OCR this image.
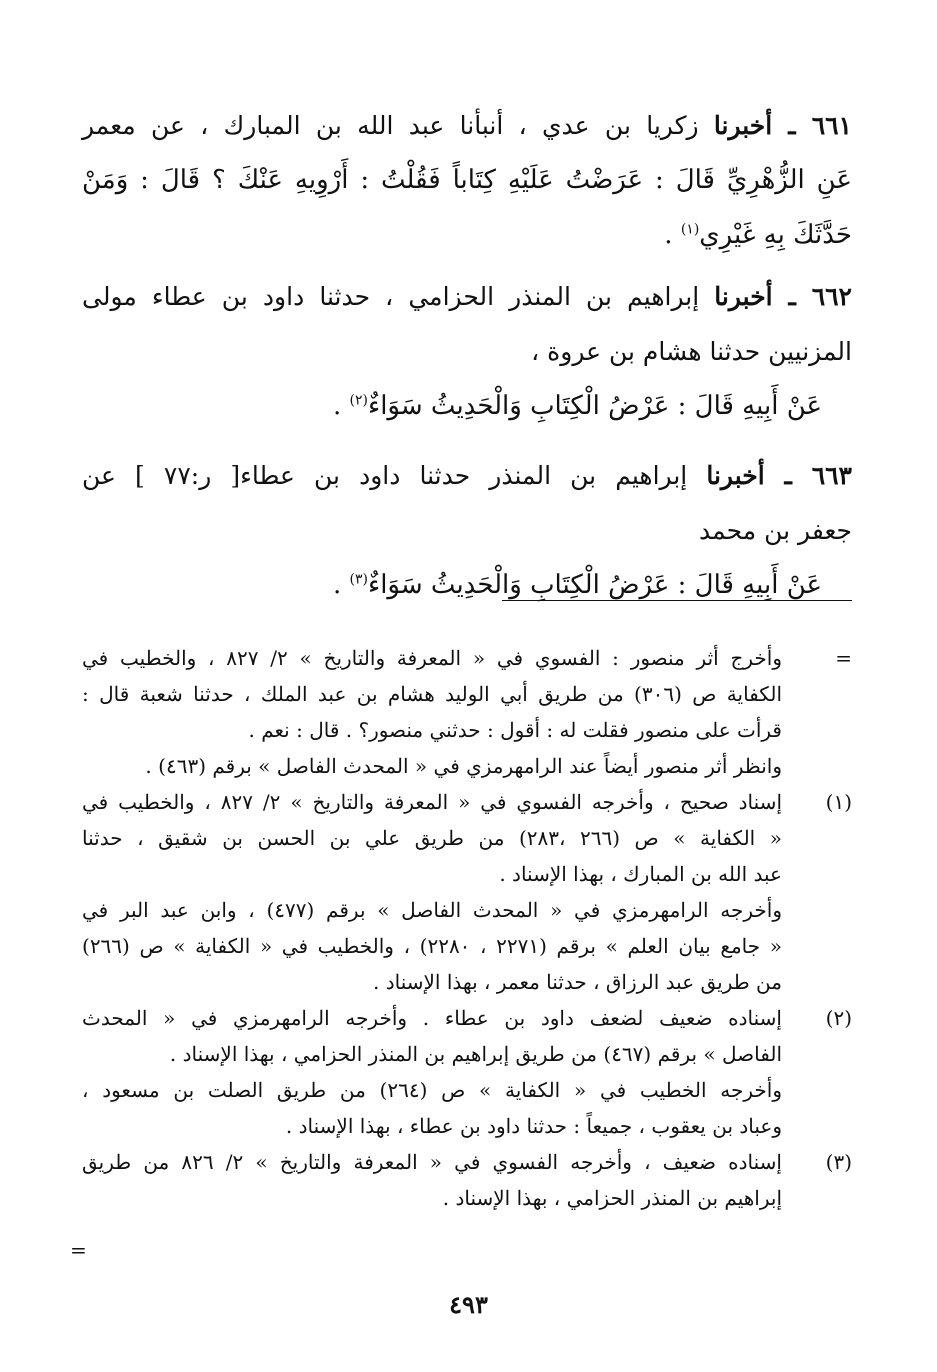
٦٦١ ـ أخبرنا زكريا بن عدي ، أنبأنا عبد الله بن المبارك ، عن معمر
عَنِ الزُّهْرِيِّ قَالَ : عَرَضْتُ عَلَيْهِ كِتَاباً فَقُلْتُ : أَرْوِيهِ عَنْكَ ؟ قَالَ : وَمَنْ
حَدَّثَكَ بِهِ غَيْرِي$^{(١)}$ .
٦٦٢ ـ أخبرنا إبراهيم بن المنذر الحزامي ، حدثنا داود بن عطاء مولى
المزنيين حدثنا هشام بن عروة ،
عَنْ أَبِيهِ قَالَ : عَرْضُ الْكِتَابِ وَالْحَدِيثُ سَوَاءٌ$^{(٢)}$ .
٦٦٣ ـ أخبرنا إبراهيم بن المنذر حدثنا داود بن عطاء[ ر:٧٧ ] عن
جعفر بن محمد
عَنْ أَبِيهِ قَالَ : عَرْضُ الْكِتَابِ وَالْحَدِيثُ سَوَاءٌ$^{(٣)}$ .
=
وأخرج أثر منصور : الفسوي في « المعرفة والتاريخ » ٢/ ٨٢٧ ، والخطيب في
الكفاية ص (٣٠٦) من طريق أبي الوليد هشام بن عبد الملك ، حدثنا شعبة قال :
قرأت على منصور فقلت له : أقول : حدثني منصور؟ . قال : نعم .
وانظر أثر منصور أيضاً عند الرامهرمزي في « المحدث الفاصل » برقم (٤٦٣) .
(١)
إسناد صحيح ، وأخرجه الفسوي في « المعرفة والتاريخ » ٢/ ٨٢٧ ، والخطيب في
« الكفاية » ص (٢٦٦ ،٢٨٣) من طريق علي بن الحسن بن شقيق ، حدثنا
عبد الله بن المبارك ، بهذا الإسناد .
وأخرجه الرامهرمزي في « المحدث الفاصل » برقم (٤٧٧) ، وابن عبد البر في
« جامع بيان العلم » برقم (٢٢٧١ ، ٢٢٨٠) ، والخطيب في « الكفاية » ص (٢٦٦)
من طريق عبد الرزاق ، حدثنا معمر ، بهذا الإسناد .
(٢)
إسناده ضعيف لضعف داود بن عطاء . وأخرجه الرامهرمزي في « المحدث
الفاصل » برقم (٤٦٧) من طريق إبراهيم بن المنذر الحزامي ، بهذا الإسناد .
وأخرجه الخطيب في « الكفاية » ص (٢٦٤) من طريق الصلت بن مسعود ،
وعباد بن يعقوب ، جميعاً : حدثنا داود بن عطاء ، بهذا الإسناد .
(٣)
إسناده ضعيف ، وأخرجه الفسوي في « المعرفة والتاريخ » ٢/ ٨٢٦ من طريق
إبراهيم بن المنذر الحزامي ، بهذا الإسناد .
=
٤٩٣
